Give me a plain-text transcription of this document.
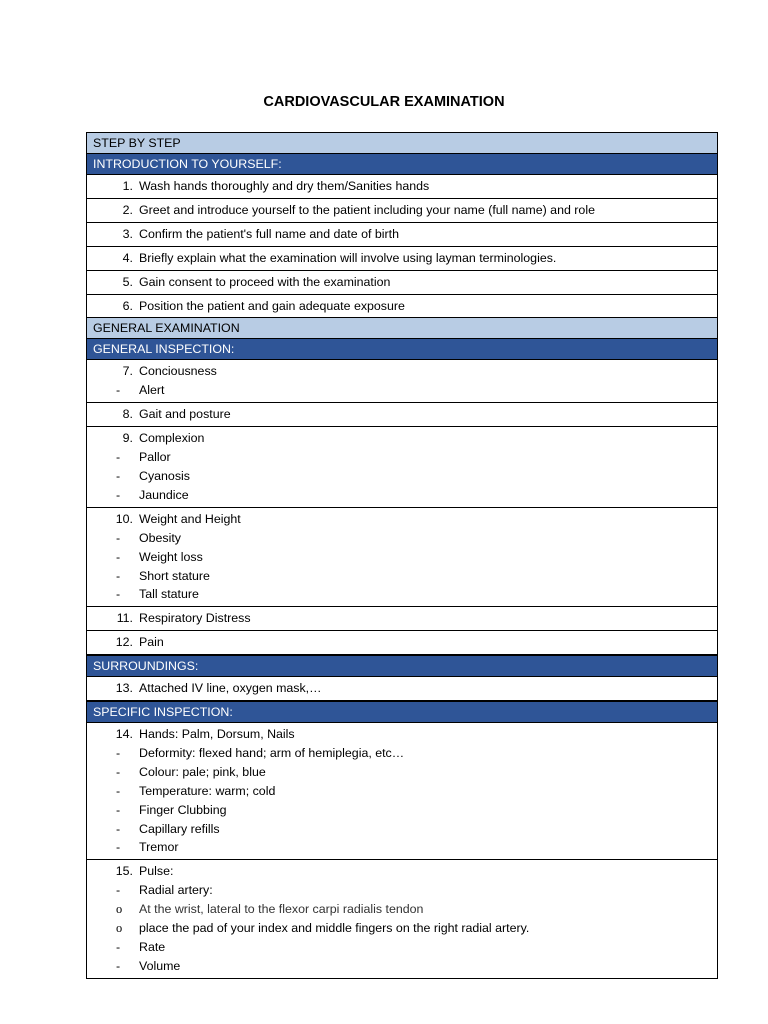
CARDIOVASCULAR EXAMINATION
STEP BY STEP
INTRODUCTION TO YOURSELF:
1. Wash hands thoroughly and dry them/Sanities hands
2. Greet and introduce yourself to the patient including your name (full name) and role
3. Confirm the patient's full name and date of birth
4. Briefly explain what the examination will involve using layman terminologies.
5. Gain consent to proceed with the examination
6. Position the patient and gain adequate exposure
GENERAL EXAMINATION
GENERAL INSPECTION:
7. Conciousness
-	Alert
8. Gait and posture
9. Complexion
-	Pallor
-	Cyanosis
-	Jaundice
10. Weight and Height
-	Obesity
-	Weight loss
-	Short stature
-	Tall stature
11. Respiratory Distress
12. Pain
SURROUNDINGS:
13. Attached IV line, oxygen mask,…
SPECIFIC INSPECTION:
14. Hands: Palm, Dorsum, Nails
-	Deformity: flexed hand; arm of hemiplegia, etc…
-	Colour: pale; pink, blue
-	Temperature: warm; cold
-	Finger Clubbing
-	Capillary refills
-	Tremor
15. Pulse:
-	Radial artery:
o	At the wrist, lateral to the flexor carpi radialis tendon
o	place the pad of your index and middle fingers on the right radial artery.
-	Rate
-	Volume
